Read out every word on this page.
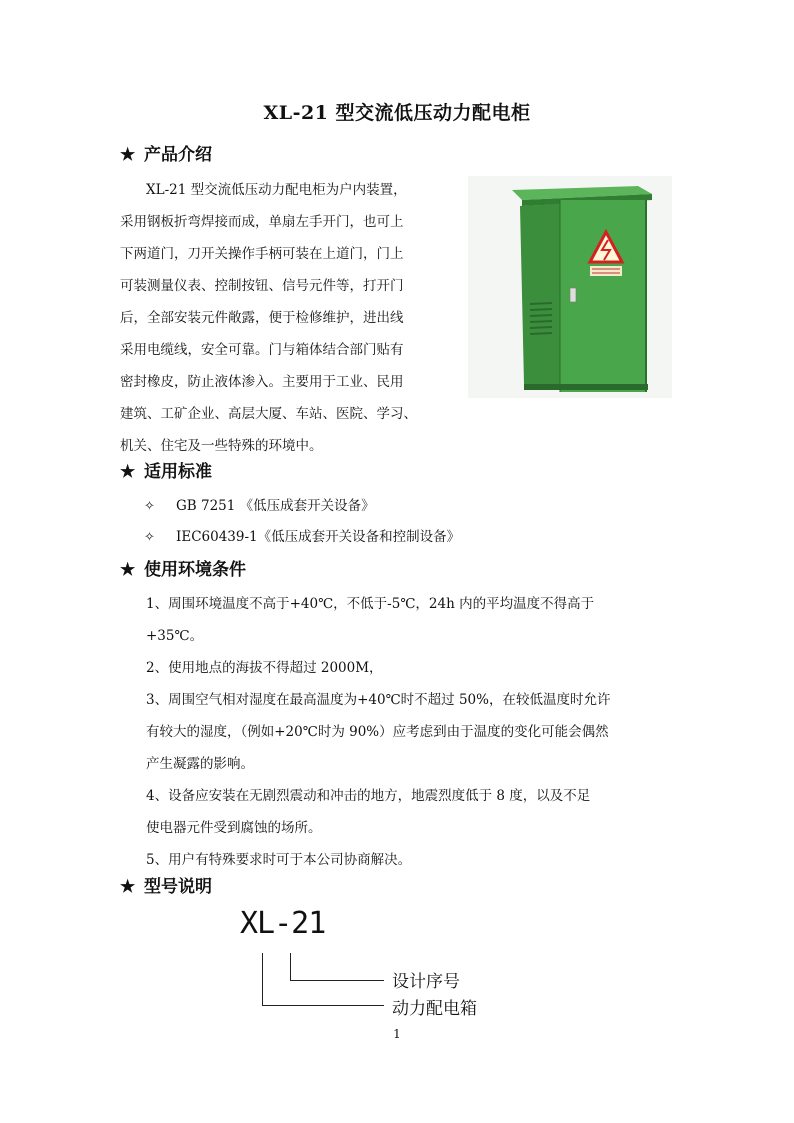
XL-21 型交流低压动力配电柜
★ 产品介绍
XL-21 型交流低压动力配电柜为户内装置，
采用钢板折弯焊接而成，单扇左手开门，也可上
下两道门，刀开关操作手柄可装在上道门，门上
可装测量仪表、控制按钮、信号元件等，打开门
后，全部安装元件敞露，便于检修维护，进出线
采用电缆线，安全可靠。门与箱体结合部门贴有
密封橡皮，防止液体渗入。主要用于工业、民用
建筑、工矿企业、高层大厦、车站、医院、学习、
机关、住宅及一些特殊的环境中。
★ 适用标准
✧ GB 7251 《低压成套开关设备》
✧ IEC60439-1《低压成套开关设备和控制设备》
★ 使用环境条件
1、周围环境温度不高于+40℃，不低于-5℃，24h 内的平均温度不得高于
+35℃。
2、使用地点的海拔不得超过 2000M，
3、周围空气相对湿度在最高温度为+40℃时不超过 50%，在较低温度时允许
有较大的湿度，（例如+20℃时为 90%）应考虑到由于温度的变化可能会偶然
产生凝露的影响。
4、设备应安装在无剧烈震动和冲击的地方，地震烈度低于 8 度，以及不足
使电器元件受到腐蚀的场所。
5、用户有特殊要求时可于本公司协商解决。
★ 型号说明
XL-21
设计序号
动力配电箱
1
